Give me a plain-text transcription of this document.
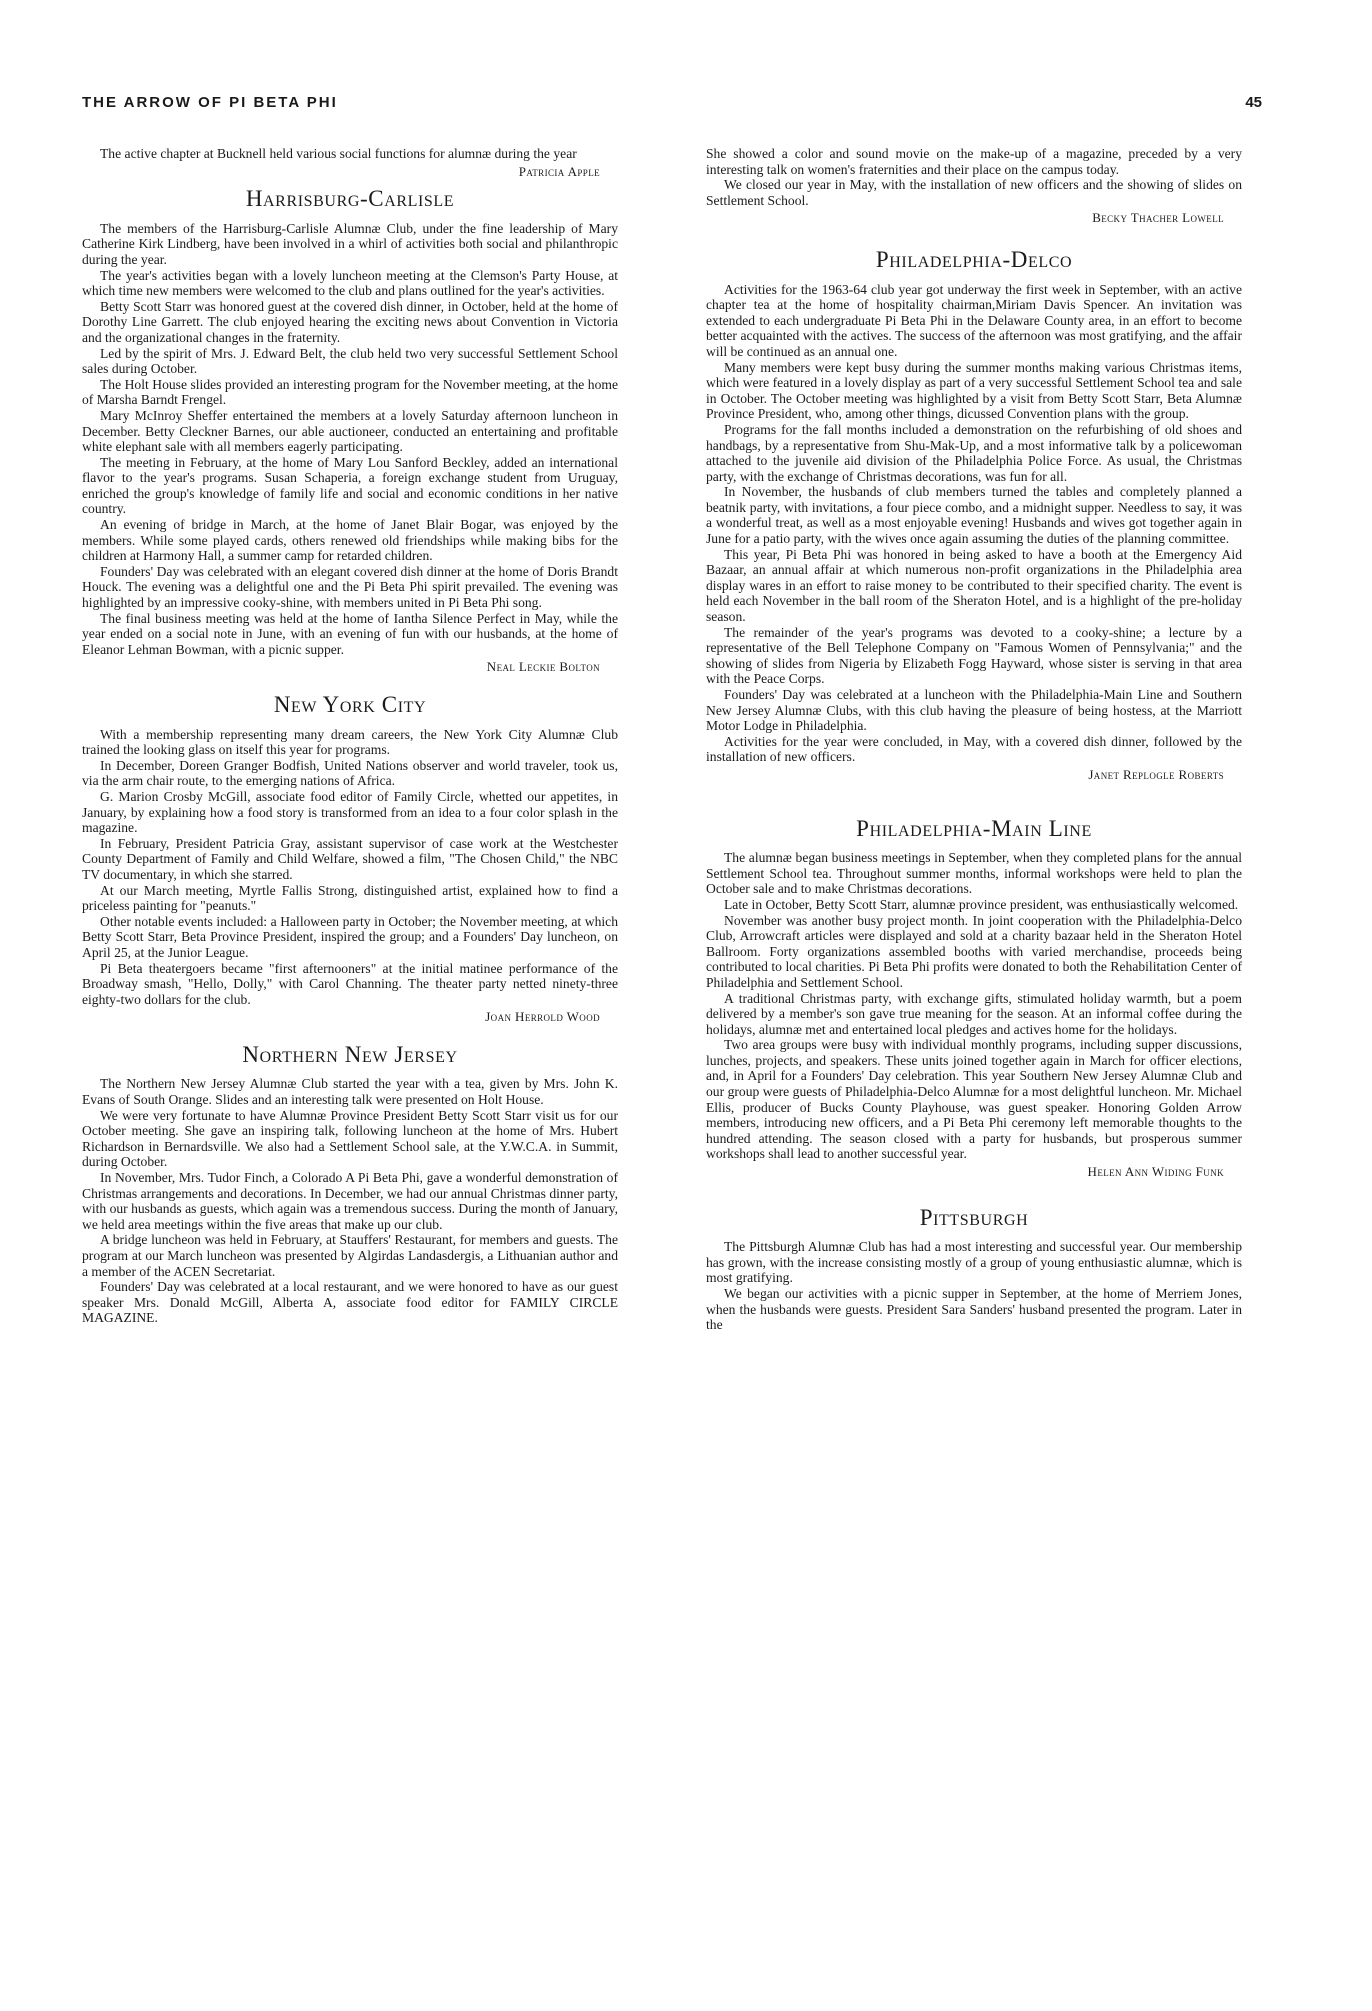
THE ARROW OF PI BETA PHI	45

The active chapter at Bucknell held various social functions for alumnæ during the year

Patricia Apple
Harrisburg-Carlisle

The members of the Harrisburg-Carlisle Alumnæ Club, under the fine leadership of Mary Catherine Kirk Lindberg, have been involved in a whirl of activities both social and philanthropic during the year.

The year's activities began with a lovely luncheon meeting at the Clemson's Party House, at which time new members were welcomed to the club and plans outlined for the year's activities.

Betty Scott Starr was honored guest at the covered dish dinner, in October, held at the home of Dorothy Line Garrett. The club enjoyed hearing the exciting news about Convention in Victoria and the organizational changes in the fraternity.

Led by the spirit of Mrs. J. Edward Belt, the club held two very successful Settlement School sales during October.

The Holt House slides provided an interesting program for the November meeting, at the home of Marsha Barndt Frengel.

Mary McInroy Sheffer entertained the members at a lovely Saturday afternoon luncheon in December. Betty Cleckner Barnes, our able auctioneer, conducted an entertaining and profitable white elephant sale with all members eagerly participating.

The meeting in February, at the home of Mary Lou Sanford Beckley, added an international flavor to the year's programs. Susan Schaperia, a foreign exchange student from Uruguay, enriched the group's knowledge of family life and social and economic conditions in her native country.

An evening of bridge in March, at the home of Janet Blair Bogar, was enjoyed by the members. While some played cards, others renewed old friendships while making bibs for the children at Harmony Hall, a summer camp for retarded children.

Founders' Day was celebrated with an elegant covered dish dinner at the home of Doris Brandt Houck. The evening was a delightful one and the Pi Beta Phi spirit prevailed. The evening was highlighted by an impressive cooky-shine, with members united in Pi Beta Phi song.

The final business meeting was held at the home of Iantha Silence Perfect in May, while the year ended on a social note in June, with an evening of fun with our husbands, at the home of Eleanor Lehman Bowman, with a picnic supper.

Neal Leckie Bolton
New York City

With a membership representing many dream careers, the New York City Alumnæ Club trained the looking glass on itself this year for programs.

In December, Doreen Granger Bodfish, United Nations observer and world traveler, took us, via the arm chair route, to the emerging nations of Africa.

G. Marion Crosby McGill, associate food editor of Family Circle, whetted our appetites, in January, by explaining how a food story is transformed from an idea to a four color splash in the magazine.

In February, President Patricia Gray, assistant supervisor of case work at the Westchester County Department of Family and Child Welfare, showed a film, "The Chosen Child," the NBC TV documentary, in which she starred.

At our March meeting, Myrtle Fallis Strong, distinguished artist, explained how to find a priceless painting for "peanuts."

Other notable events included: a Halloween party in October; the November meeting, at which Betty Scott Starr, Beta Province President, inspired the group; and a Founders' Day luncheon, on April 25, at the Junior League.

Pi Beta theatergoers became "first afternooners" at the initial matinee performance of the Broadway smash, "Hello, Dolly," with Carol Channing. The theater party netted ninety-three eighty-two dollars for the club.

Joan Herrold Wood
Northern New Jersey

The Northern New Jersey Alumnæ Club started the year with a tea, given by Mrs. John K. Evans of South Orange. Slides and an interesting talk were presented on Holt House.

We were very fortunate to have Alumnæ Province President Betty Scott Starr visit us for our October meeting. She gave an inspiring talk, following luncheon at the home of Mrs. Hubert Richardson in Bernardsville. We also had a Settlement School sale, at the Y.W.C.A. in Summit, during October.

In November, Mrs. Tudor Finch, a Colorado A Pi Beta Phi, gave a wonderful demonstration of Christmas arrangements and decorations. In December, we had our annual Christmas dinner party, with our husbands as guests, which again was a tremendous success. During the month of January, we held area meetings within the five areas that make up our club.

A bridge luncheon was held in February, at Stauffers' Restaurant, for members and guests. The program at our March luncheon was presented by Algirdas Landasdergis, a Lithuanian author and a member of the ACEN Secretariat.

Founders' Day was celebrated at a local restaurant, and we were honored to have as our guest speaker Mrs. Donald McGill, Alberta A, associate food editor for FAMILY CIRCLE MAGAZINE.

She showed a color and sound movie on the make-up of a magazine, preceded by a very interesting talk on women's fraternities and their place on the campus today.

We closed our year in May, with the installation of new officers and the showing of slides on Settlement School.

Becky Thacher Lowell
Philadelphia-Delco

Activities for the 1963-64 club year got underway the first week in September, with an active chapter tea at the home of hospitality chairman,Miriam Davis Spencer. An invitation was extended to each undergraduate Pi Beta Phi in the Delaware County area, in an effort to become better acquainted with the actives. The success of the afternoon was most gratifying, and the affair will be continued as an annual one.

Many members were kept busy during the summer months making various Christmas items, which were featured in a lovely display as part of a very successful Settlement School tea and sale in October. The October meeting was highlighted by a visit from Betty Scott Starr, Beta Alumnæ Province President, who, among other things, dicussed Convention plans with the group.

Programs for the fall months included a demonstration on the refurbishing of old shoes and handbags, by a representative from Shu-Mak-Up, and a most informative talk by a policewoman attached to the juvenile aid division of the Philadelphia Police Force. As usual, the Christmas party, with the exchange of Christmas decorations, was fun for all.

In November, the husbands of club members turned the tables and completely planned a beatnik party, with invitations, a four piece combo, and a midnight supper. Needless to say, it was a wonderful treat, as well as a most enjoyable evening! Husbands and wives got together again in June for a patio party, with the wives once again assuming the duties of the planning committee.

This year, Pi Beta Phi was honored in being asked to have a booth at the Emergency Aid Bazaar, an annual affair at which numerous non-profit organizations in the Philadelphia area display wares in an effort to raise money to be contributed to their specified charity. The event is held each November in the ball room of the Sheraton Hotel, and is a highlight of the pre-holiday season.

The remainder of the year's programs was devoted to a cooky-shine; a lecture by a representative of the Bell Telephone Company on "Famous Women of Pennsylvania;" and the showing of slides from Nigeria by Elizabeth Fogg Hayward, whose sister is serving in that area with the Peace Corps.

Founders' Day was celebrated at a luncheon with the Philadelphia-Main Line and Southern New Jersey Alumnæ Clubs, with this club having the pleasure of being hostess, at the Marriott Motor Lodge in Philadelphia.

Activities for the year were concluded, in May, with a covered dish dinner, followed by the installation of new officers.

Janet Replogle Roberts
Philadelphia-Main Line

The alumnæ began business meetings in September, when they completed plans for the annual Settlement School tea. Throughout summer months, informal workshops were held to plan the October sale and to make Christmas decorations.

Late in October, Betty Scott Starr, alumnæ province president, was enthusiastically welcomed.

November was another busy project month. In joint cooperation with the Philadelphia-Delco Club, Arrowcraft articles were displayed and sold at a charity bazaar held in the Sheraton Hotel Ballroom. Forty organizations assembled booths with varied merchandise, proceeds being contributed to local charities. Pi Beta Phi profits were donated to both the Rehabilitation Center of Philadelphia and Settlement School.

A traditional Christmas party, with exchange gifts, stimulated holiday warmth, but a poem delivered by a member's son gave true meaning for the season. At an informal coffee during the holidays, alumnæ met and entertained local pledges and actives home for the holidays.

Two area groups were busy with individual monthly programs, including supper discussions, lunches, projects, and speakers. These units joined together again in March for officer elections, and, in April for a Founders' Day celebration. This year Southern New Jersey Alumnæ Club and our group were guests of Philadelphia-Delco Alumnæ for a most delightful luncheon. Mr. Michael Ellis, producer of Bucks County Playhouse, was guest speaker. Honoring Golden Arrow members, introducing new officers, and a Pi Beta Phi ceremony left memorable thoughts to the hundred attending. The season closed with a party for husbands, but prosperous summer workshops shall lead to another successful year.

Helen Ann Widing Funk
Pittsburgh

The Pittsburgh Alumnæ Club has had a most interesting and successful year. Our membership has grown, with the increase consisting mostly of a group of young enthusiastic alumnæ, which is most gratifying.

We began our activities with a picnic supper in September, at the home of Merriem Jones, when the husbands were guests. President Sara Sanders' husband presented the program. Later in the
